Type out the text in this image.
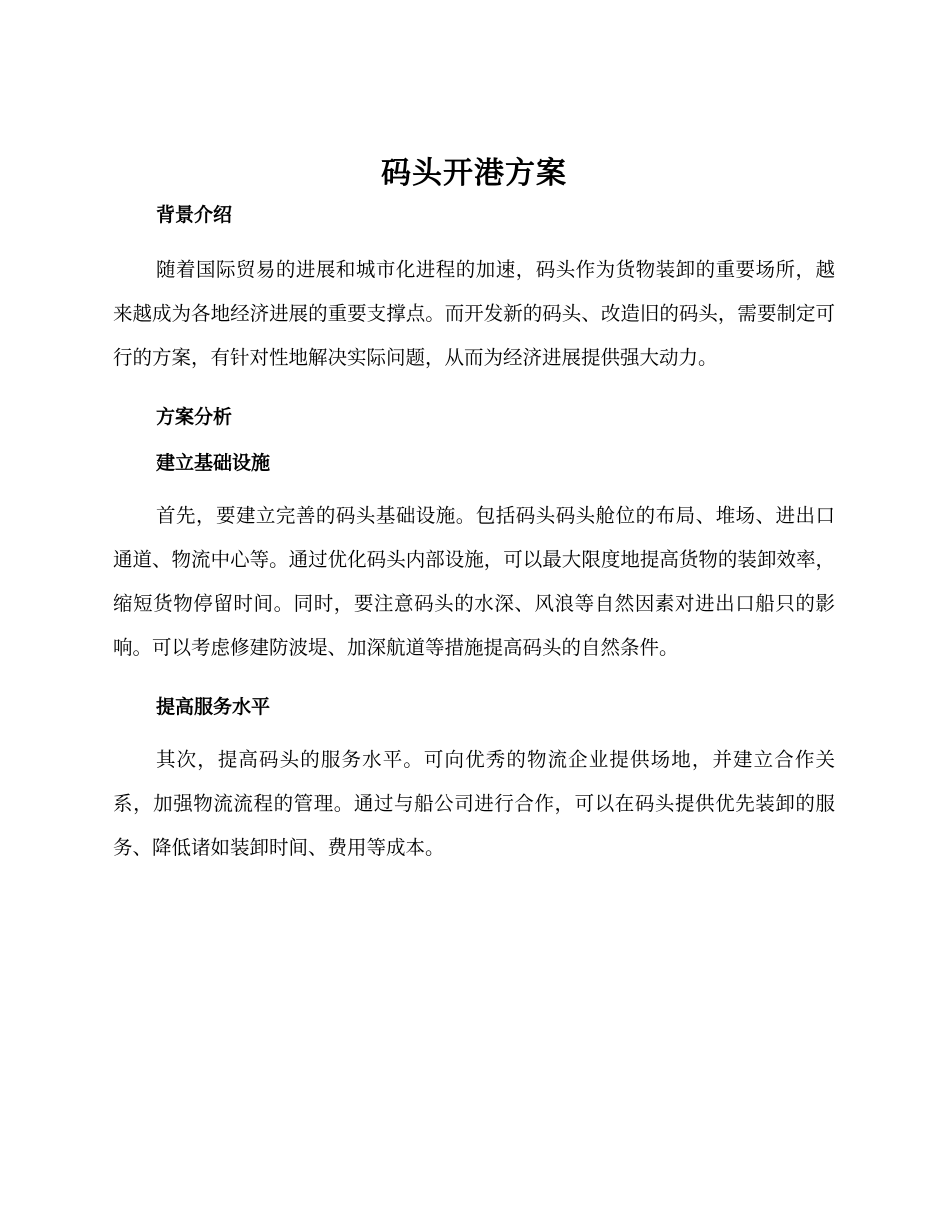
码头开港方案
背景介绍

随着国际贸易的进展和城市化进程的加速，码头作为货物装卸的重要场所，越来越成为各地经济进展的重要支撑点。而开发新的码头、改造旧的码头，需要制定可行的方案，有针对性地解决实际问题，从而为经济进展提供强大动力。

方案分析
建立基础设施

首先，要建立完善的码头基础设施。包括码头码头舱位的布局、堆场、进出口通道、物流中心等。通过优化码头内部设施，可以最大限度地提高货物的装卸效率，缩短货物停留时间。同时，要注意码头的水深、风浪等自然因素对进出口船只的影响。可以考虑修建防波堤、加深航道等措施提高码头的自然条件。

提高服务水平

其次，提高码头的服务水平。可向优秀的物流企业提供场地，并建立合作关系，加强物流流程的管理。通过与船公司进行合作，可以在码头提供优先装卸的服务、降低诸如装卸时间、费用等成本。
